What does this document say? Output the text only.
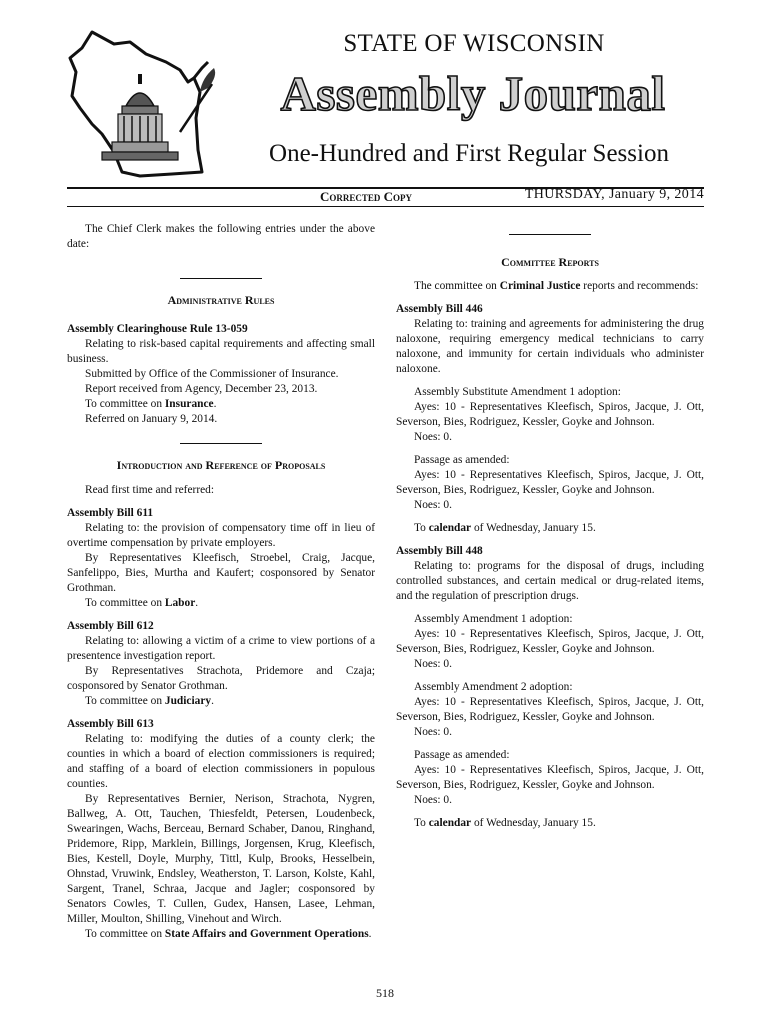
STATE OF WISCONSIN
Assembly Journal
One-Hundred and First Regular Session
Corrected Copy	THURSDAY, January 9, 2014

The Chief Clerk makes the following entries under the above date:

Administrative Rules
Assembly Clearinghouse Rule 13-059

Relating to risk-based capital requirements and affecting small business.

Submitted by Office of the Commissioner of Insurance.

Report received from Agency, December 23, 2013.

To committee on Insurance.

Referred on January 9, 2014.

Introduction and Reference of Proposals

Read first time and referred:

Assembly Bill 611

Relating to: the provision of compensatory time off in lieu of overtime compensation by private employers.

By Representatives Kleefisch, Stroebel, Craig, Jacque, Sanfelippo, Bies, Murtha and Kaufert; cosponsored by Senator Grothman.

To committee on Labor.

Assembly Bill 612

Relating to: allowing a victim of a crime to view portions of a presentence investigation report.

By Representatives Strachota, Pridemore and Czaja; cosponsored by Senator Grothman.

To committee on Judiciary.

Assembly Bill 613

Relating to: modifying the duties of a county clerk; the counties in which a board of election commissioners is required; and staffing of a board of election commissioners in populous counties.

By Representatives Bernier, Nerison, Strachota, Nygren, Ballweg, A. Ott, Tauchen, Thiesfeldt, Petersen, Loudenbeck, Swearingen, Wachs, Berceau, Bernard Schaber, Danou, Ringhand, Pridemore, Ripp, Marklein, Billings, Jorgensen, Krug, Kleefisch, Bies, Kestell, Doyle, Murphy, Tittl, Kulp, Brooks, Hesselbein, Ohnstad, Vruwink, Endsley, Weatherston, T. Larson, Kolste, Kahl, Sargent, Tranel, Schraa, Jacque and Jagler; cosponsored by Senators Cowles, T. Cullen, Gudex, Hansen, Lasee, Lehman, Miller, Moulton, Shilling, Vinehout and Wirch.

To committee on State Affairs and Government Operations.

Committee Reports

The committee on Criminal Justice reports and recommends:

Assembly Bill 446

Relating to: training and agreements for administering the drug naloxone, requiring emergency medical technicians to carry naloxone, and immunity for certain individuals who administer naloxone.

Assembly Substitute Amendment 1 adoption:

Ayes: 10 - Representatives Kleefisch, Spiros, Jacque, J. Ott, Severson, Bies, Rodriguez, Kessler, Goyke and Johnson.

Noes: 0.

Passage as amended:

Ayes: 10 - Representatives Kleefisch, Spiros, Jacque, J. Ott, Severson, Bies, Rodriguez, Kessler, Goyke and Johnson.

Noes: 0.

To calendar of Wednesday, January 15.

Assembly Bill 448

Relating to: programs for the disposal of drugs, including controlled substances, and certain medical or drug-related items, and the regulation of prescription drugs.

Assembly Amendment 1 adoption:

Ayes: 10 - Representatives Kleefisch, Spiros, Jacque, J. Ott, Severson, Bies, Rodriguez, Kessler, Goyke and Johnson.

Noes: 0.

Assembly Amendment 2 adoption:

Ayes: 10 - Representatives Kleefisch, Spiros, Jacque, J. Ott, Severson, Bies, Rodriguez, Kessler, Goyke and Johnson.

Noes: 0.

Passage as amended:

Ayes: 10 - Representatives Kleefisch, Spiros, Jacque, J. Ott, Severson, Bies, Rodriguez, Kessler, Goyke and Johnson.

Noes: 0.

To calendar of Wednesday, January 15.

518
